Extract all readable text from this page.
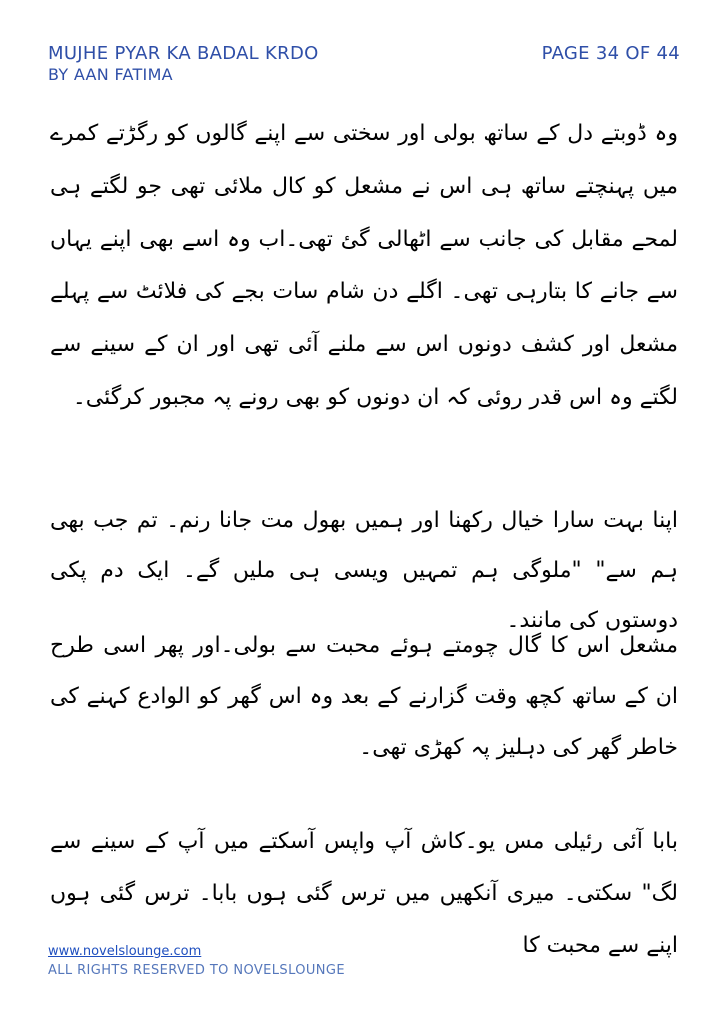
MUJHE PYAR KA BADAL KRDO
BY AAN FATIMA
PAGE 34 OF 44

وہ ڈوبتے دل کے ساتھ بولی اور سختی سے اپنے گالوں کو رگڑتے کمرے میں پہنچتے ساتھ ہی اس نے مشعل کو کال ملائی تھی جو لگتے ہی لمحے مقابل کی جانب سے اٹھالی گئ تھی۔اب وہ اسے بھی اپنے یہاں سے جانے کا بتارہی تھی۔ اگلے دن شام سات بجے کی فلائٹ سے پہلے مشعل اور کشف دونوں اس سے ملنے آئی تھی اور ان کے سینے سے لگتے وہ اس قدر روئی کہ ان دونوں کو بھی رونے پہ مجبور کرگئی۔

اپنا بہت سارا خیال رکھنا اور ہمیں بھول مت جانا رنم۔ تم جب بھی ہم سے" "ملوگی ہم تمہیں ویسی ہی ملیں گے۔ ایک دم پکی دوستوں کی مانند۔

مشعل اس کا گال چومتے ہوئے محبت سے بولی۔اور پھر اسی طرح ان کے ساتھ کچھ وقت گزارنے کے بعد وہ اس گھر کو الوادع کہنے کی خاطر گھر کی دہلیز پہ کھڑی تھی۔

بابا آئی رئیلی مس یو۔کاش آپ واپس آسکتے میں آپ کے سینے سے لگ" سکتی۔ میری آنکھیں میں ترس گئی ہوں بابا۔ ترس گئی ہوں اپنے سے محبت کا

www.novelslounge.com
ALL RIGHTS RESERVED TO NOVELSLOUNGE
